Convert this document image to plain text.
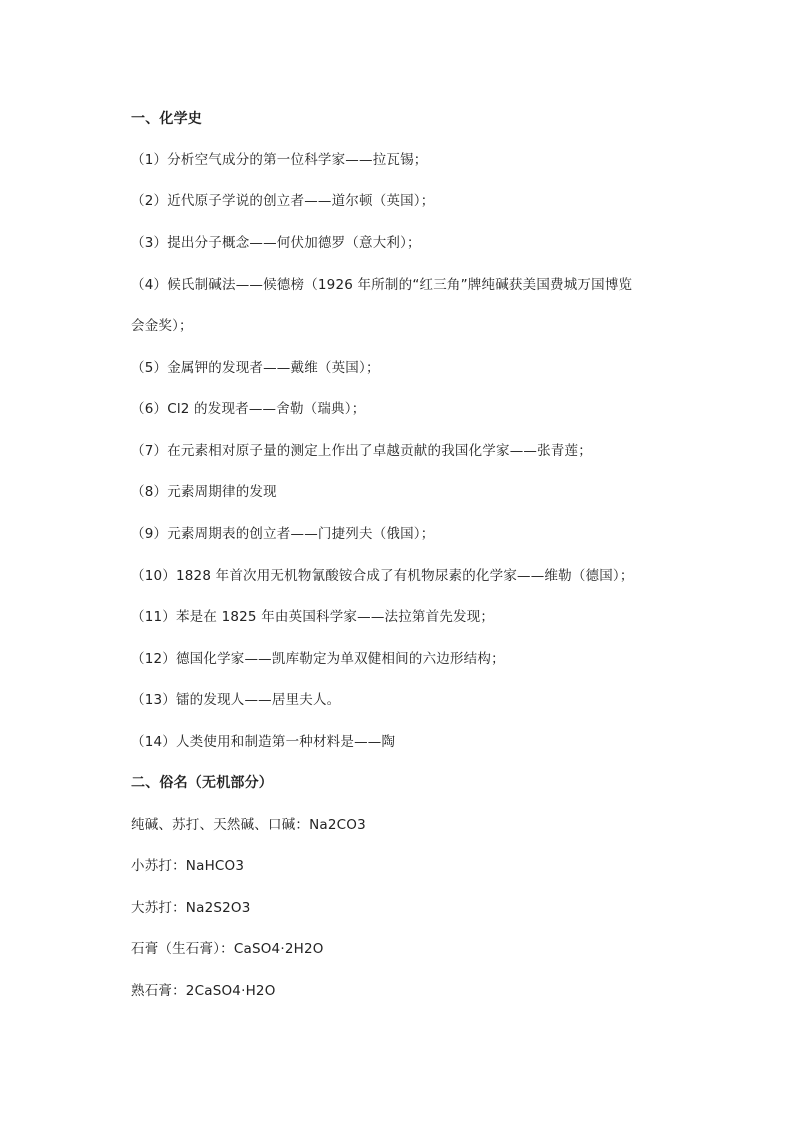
一、化学史
（1）分析空气成分的第一位科学家——拉瓦锡；
（2）近代原子学说的创立者——道尔顿（英国）；
（3）提出分子概念——何伏加德罗（意大利）；
（4）候氏制碱法——候德榜（1926 年所制的“红三角”牌纯碱获美国费城万国博览
会金奖）；
（5）金属钾的发现者——戴维（英国）；
（6）Cl2 的发现者——舍勒（瑞典）；
（7）在元素相对原子量的测定上作出了卓越贡献的我国化学家——张青莲；
（8）元素周期律的发现
（9）元素周期表的创立者——门捷列夫（俄国）；
（10）1828 年首次用无机物氰酸铵合成了有机物尿素的化学家——维勒（德国）；
（11）苯是在 1825 年由英国科学家——法拉第首先发现；
（12）德国化学家——凯库勒定为单双健相间的六边形结构；
（13）镭的发现人——居里夫人。
（14）人类使用和制造第一种材料是——陶
二、俗名（无机部分）
纯碱、苏打、天然碱、口碱：Na2CO3
小苏打：NaHCO3
大苏打：Na2S2O3
石膏（生石膏）：CaSO4·2H2O
熟石膏：2CaSO4·H2O
